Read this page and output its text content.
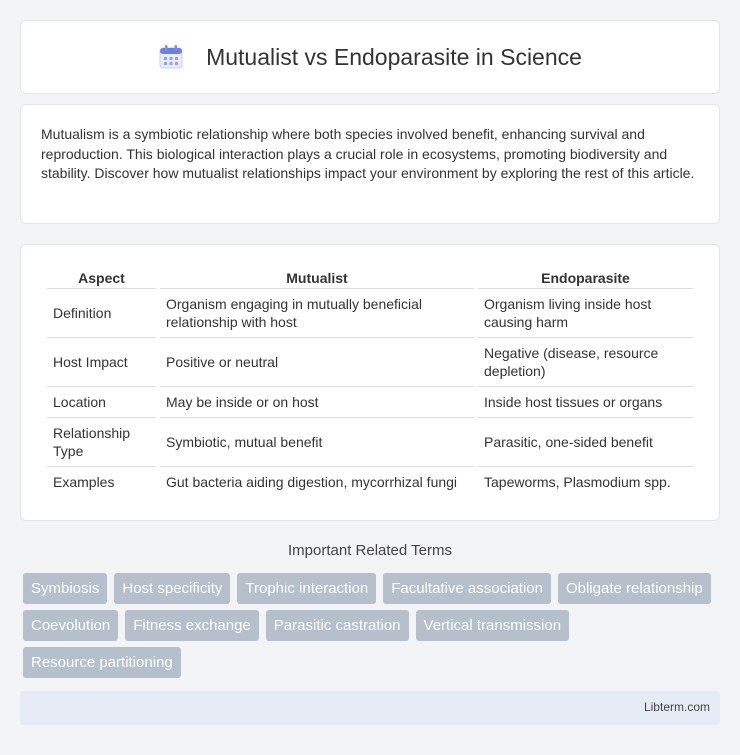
Mutualist vs Endoparasite in Science

Mutualism is a symbiotic relationship where both species involved benefit, enhancing survival and reproduction. This biological interaction plays a crucial role in ecosystems, promoting biodiversity and stability. Discover how mutualist relationships impact your environment by exploring the rest of this article.

Aspect	Mutualist	Endoparasite
Definition	Organism engaging in mutually beneficial relationship with host	Organism living inside host causing harm
Host Impact	Positive or neutral	Negative (disease, resource depletion)
Location	May be inside or on host	Inside host tissues or organs
Relationship Type	Symbiotic, mutual benefit	Parasitic, one-sided benefit
Examples	Gut bacteria aiding digestion, mycorrhizal fungi	Tapeworms, Plasmodium spp.
Important Related Terms
Symbiosis	Host specificity	Trophic interaction	Facultative association	Obligate relationship
Coevolution	Fitness exchange	Parasitic castration	Vertical transmission
Resource partitioning
Libterm.com
